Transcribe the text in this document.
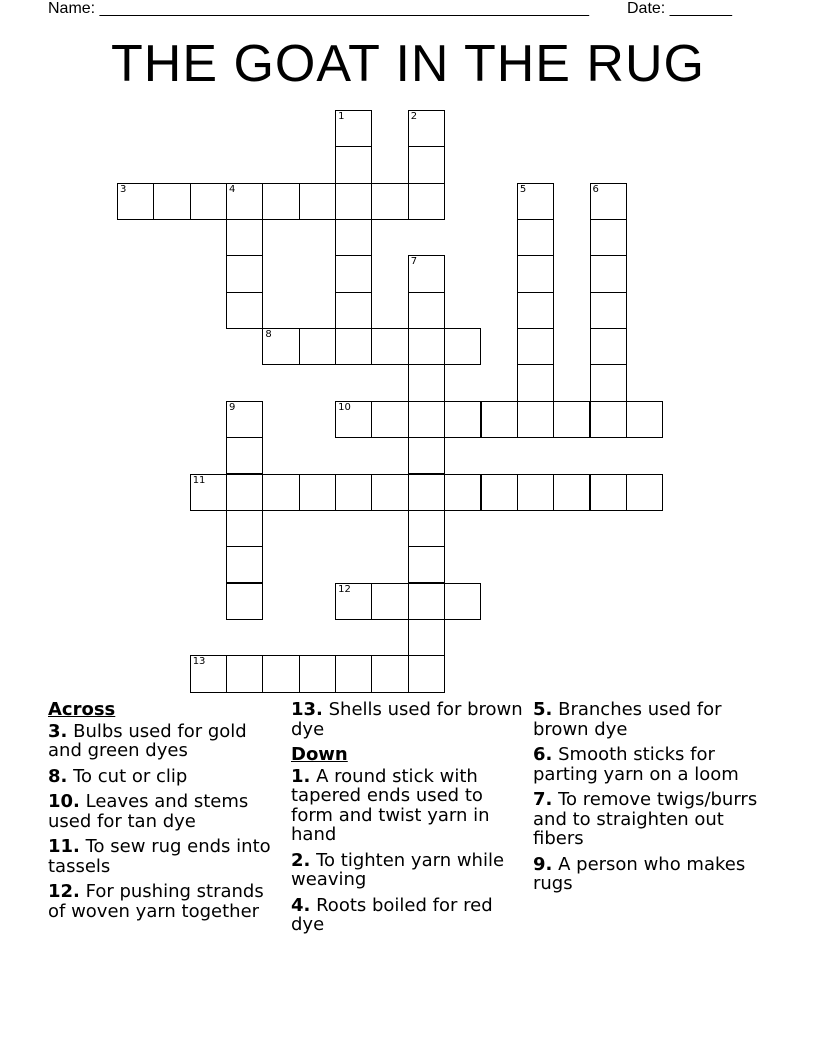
Name: _______________________________________________________ Date: _______
THE GOAT IN THE RUG
1	2
3	4	5	6
7
8
9	10
11
12
13
Across
3. Bulbs used for gold and green dyes
8. To cut or clip
10. Leaves and stems used for tan dye
11. To sew rug ends into tassels
12. For pushing strands of woven yarn together
13. Shells used for brown dye
Down
1. A round stick with tapered ends used to form and twist yarn in hand
2. To tighten yarn while weaving
4. Roots boiled for red dye
5. Branches used for brown dye
6. Smooth sticks for parting yarn on a loom
7. To remove twigs/burrs and to straighten out fibers
9. A person who makes rugs
